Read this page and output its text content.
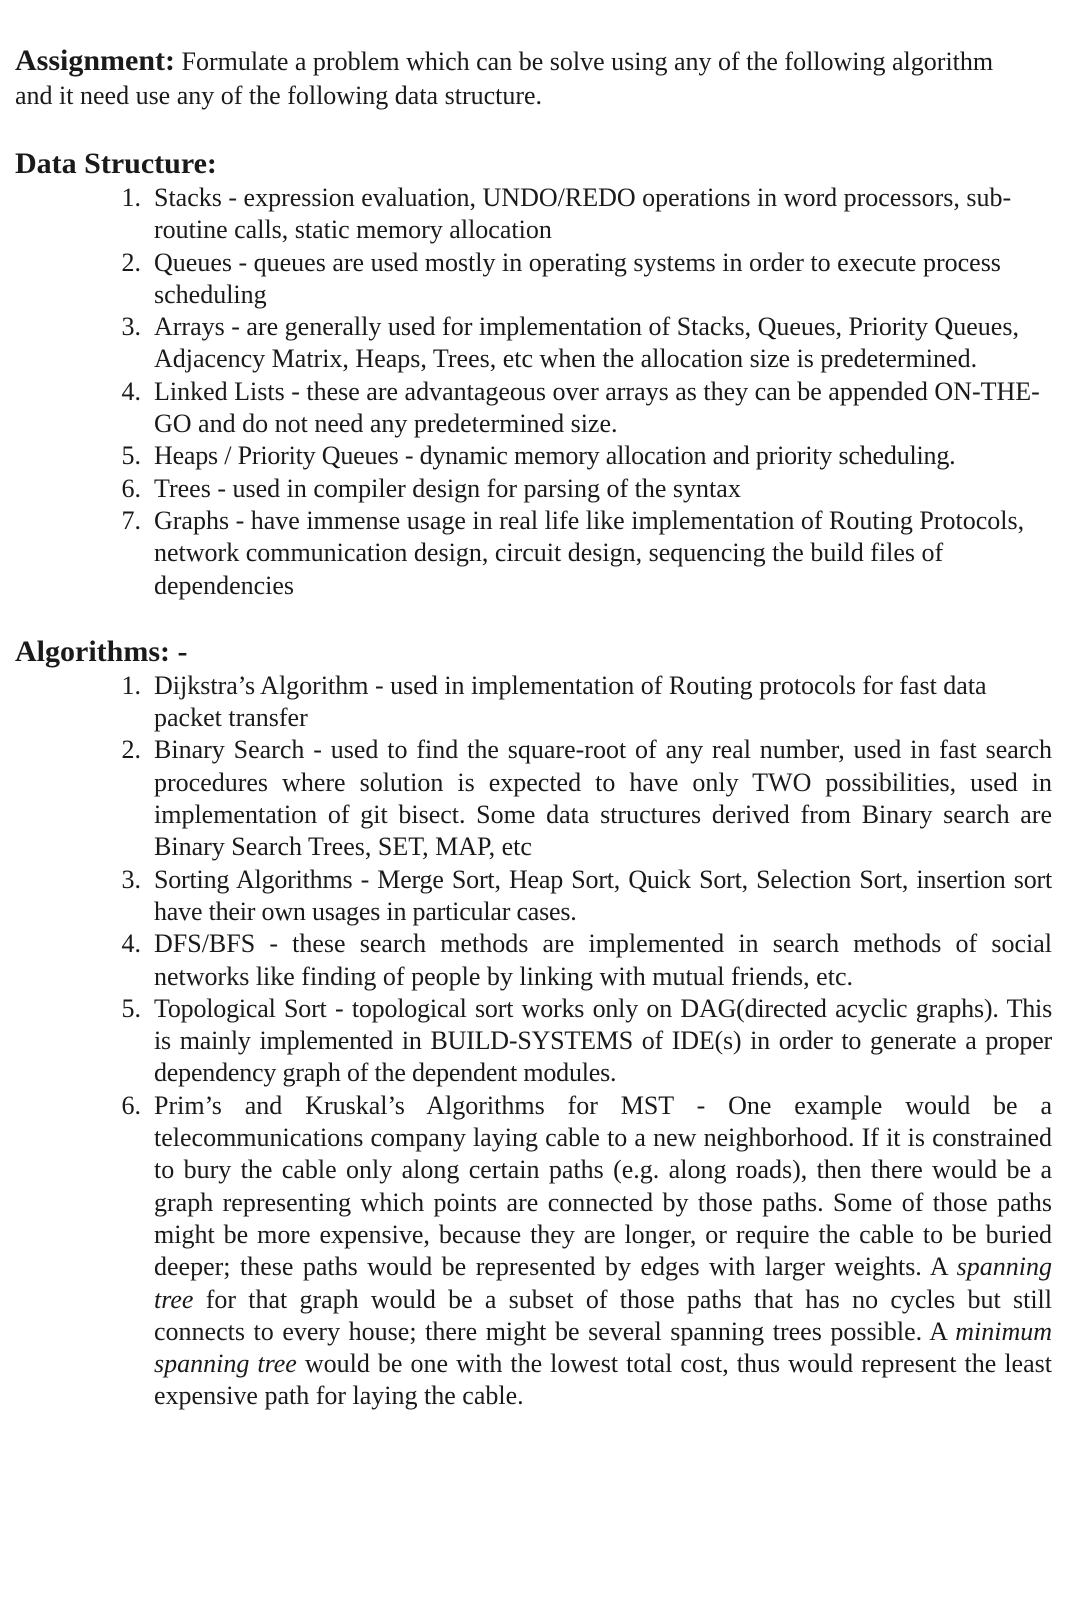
Assignment: Formulate a problem which can be solve using any of the following algorithm and it need use any of the following data structure.

Data Structure:
1. Stacks - expression evaluation, UNDO/REDO operations in word processors, sub-routine calls, static memory allocation
2. Queues - queues are used mostly in operating systems in order to execute process scheduling
3. Arrays - are generally used for implementation of Stacks, Queues, Priority Queues, Adjacency Matrix, Heaps, Trees, etc when the allocation size is predetermined.
4. Linked Lists - these are advantageous over arrays as they can be appended ON-THE-GO and do not need any predetermined size.
5. Heaps / Priority Queues - dynamic memory allocation and priority scheduling.
6. Trees - used in compiler design for parsing of the syntax
7. Graphs - have immense usage in real life like implementation of Routing Protocols, network communication design, circuit design, sequencing the build files of dependencies
Algorithms: -
1. Dijkstra’s Algorithm - used in implementation of Routing protocols for fast data packet transfer
2. Binary Search - used to find the square-root of any real number, used in fast search procedures where solution is expected to have only TWO possibilities, used in implementation of git bisect. Some data structures derived from Binary search are Binary Search Trees, SET, MAP, etc
3. Sorting Algorithms - Merge Sort, Heap Sort, Quick Sort, Selection Sort, insertion sort have their own usages in particular cases.
4. DFS/BFS - these search methods are implemented in search methods of social networks like finding of people by linking with mutual friends, etc.
5. Topological Sort - topological sort works only on DAG(directed acyclic graphs). This is mainly implemented in BUILD-SYSTEMS of IDE(s) in order to generate a proper dependency graph of the dependent modules.
6. Prim’s and Kruskal’s Algorithms for MST - One example would be a telecommunications company laying cable to a new neighborhood. If it is constrained to bury the cable only along certain paths (e.g. along roads), then there would be a graph representing which points are connected by those paths. Some of those paths might be more expensive, because they are longer, or require the cable to be buried deeper; these paths would be represented by edges with larger weights. A spanning tree for that graph would be a subset of those paths that has no cycles but still connects to every house; there might be several spanning trees possible. A minimum spanning tree would be one with the lowest total cost, thus would represent the least expensive path for laying the cable.
